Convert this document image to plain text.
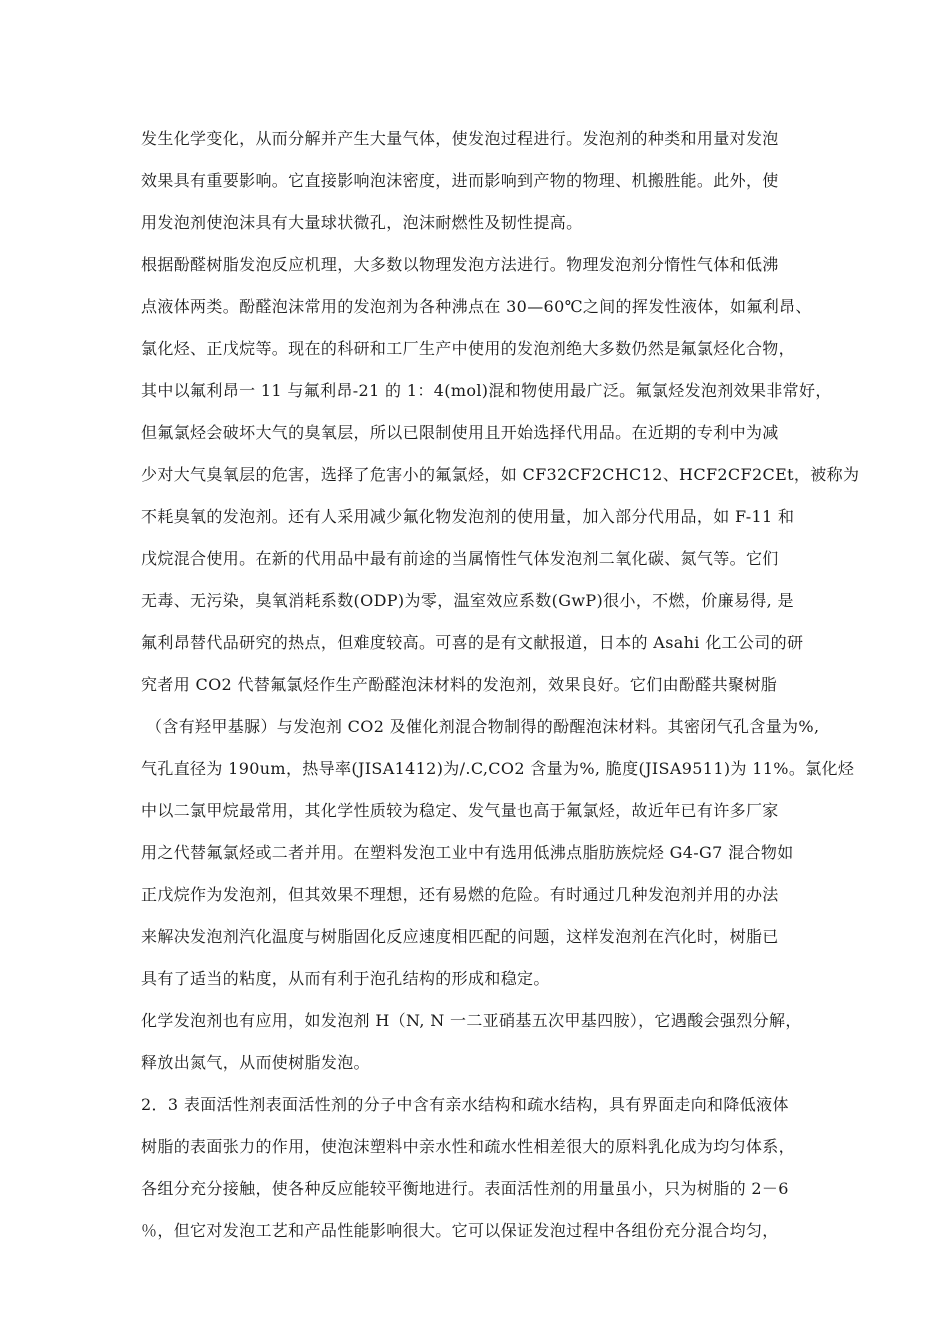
发生化学变化，从而分解并产生大量气体，使发泡过程进行。发泡剂的种类和用量对发泡
效果具有重要影响。它直接影响泡沫密度，进而影响到产物的物理、机搬胜能。此外，使
用发泡剂使泡沫具有大量球状微孔，泡沫耐燃性及韧性提高。
根据酚醛树脂发泡反应机理，大多数以物理发泡方法进行。物理发泡剂分惰性气体和低沸
点液体两类。酚醛泡沫常用的发泡剂为各种沸点在 30—60℃之间的挥发性液体，如氟利昂、
氯化烃、正戊烷等。现在的科研和工厂生产中使用的发泡剂绝大多数仍然是氟氯烃化合物，
其中以氟利昂一 11 与氟利昂-21 的 1：4(mol)混和物使用最广泛。氟氯烃发泡剂效果非常好，
但氟氯烃会破坏大气的臭氧层，所以已限制使用且开始选择代用品。在近期的专利中为减
少对大气臭氧层的危害，选择了危害小的氟氯烃，如 CF32CF2CHC12、HCF2CF2CEt，被称为
不耗臭氧的发泡剂。还有人采用减少氟化物发泡剂的使用量，加入部分代用品，如 F-11 和
戊烷混合使用。在新的代用品中最有前途的当属惰性气体发泡剂二氧化碳、氮气等。它们
无毒、无污染，臭氧消耗系数(ODP)为零，温室效应系数(GwP)很小，不燃，价廉易得, 是
氟利昂替代品研究的热点，但难度较高。可喜的是有文献报道，日本的 Asahi 化工公司的研
究者用 CO2 代替氟氯烃作生产酚醛泡沫材料的发泡剂，效果良好。它们由酚醛共聚树脂
（含有羟甲基脲）与发泡剂 CO2 及催化剂混合物制得的酚醒泡沫材料。其密闭气孔含量为%,
气孔直径为 190um，热导率(JISA1412)为/.C,CO2 含量为%, 脆度(JISA9511)为 11%。氯化烃
中以二氯甲烷最常用，其化学性质较为稳定、发气量也高于氟氯烃，故近年已有许多厂家
用之代替氟氯烃或二者并用。在塑料发泡工业中有选用低沸点脂肪族烷烃 G4-G7 混合物如
正戊烷作为发泡剂，但其效果不理想，还有易燃的危险。有时通过几种发泡剂并用的办法
来解决发泡剂汽化温度与树脂固化反应速度相匹配的问题，这样发泡剂在汽化时，树脂已
具有了适当的粘度，从而有利于泡孔结构的形成和稳定。
化学发泡剂也有应用，如发泡剂 H（N, N 一二亚硝基五次甲基四胺），它遇酸会强烈分解，
释放出氮气，从而使树脂发泡。
2．3 表面活性剂表面活性剂的分子中含有亲水结构和疏水结构，具有界面走向和降低液体
树脂的表面张力的作用，使泡沫塑料中亲水性和疏水性相差很大的原料乳化成为均匀体系，
各组分充分接触，使各种反应能较平衡地进行。表面活性剂的用量虽小，只为树脂的 2－6
％，但它对发泡工艺和产品性能影响很大。它可以保证发泡过程中各组份充分混合均匀，
